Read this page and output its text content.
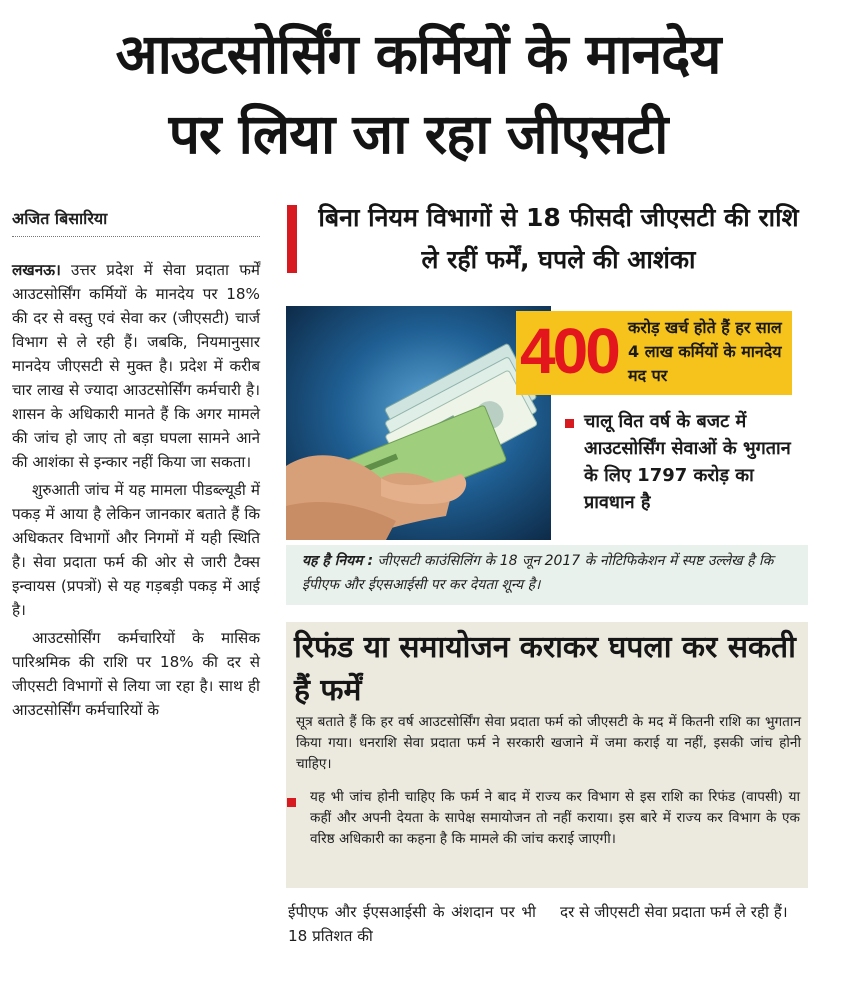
आउटसोर्सिंग कर्मियों के मानदेय
पर लिया जा रहा जीएसटी
अजित बिसारिया

लखनऊ। उत्तर प्रदेश में सेवा प्रदाता फर्में आउटसोर्सिंग कर्मियों के मानदेय पर 18% की दर से वस्तु एवं सेवा कर (जीएसटी) चार्ज विभाग से ले रही हैं। जबकि, नियमानुसार मानदेय जीएसटी से मुक्त है। प्रदेश में करीब चार लाख से ज्यादा आउटसोर्सिंग कर्मचारी है। शासन के अधिकारी मानते हैं कि अगर मामले की जांच हो जाए तो बड़ा घपला सामने आने की आशंका से इन्कार नहीं किया जा सकता।

शुरुआती जांच में यह मामला पीडब्ल्यूडी में पकड़ में आया है लेकिन जानकार बताते हैं कि अधिकतर विभागों और निगमों में यही स्थिति है। सेवा प्रदाता फर्म की ओर से जारी टैक्स इन्वायस (प्रपत्रों) से यह गड़बड़ी पकड़ में आई है।

आउटसोर्सिंग कर्मचारियों के मासिक पारिश्रमिक की राशि पर 18% की दर से जीएसटी विभागों से लिया जा रहा है। साथ ही आउटसोर्सिंग कर्मचारियों के

बिना नियम विभागों से 18 फीसदी जीएसटी की राशि ले रहीं फर्में, घपले की आशंका
400 करोड़ खर्च होते हैं हर साल 4 लाख कर्मियों के मानदेय मद पर
चालू वित वर्ष के बजट में आउटसोर्सिंग सेवाओं के भुगतान के लिए 1797 करोड़ का प्रावधान है
यह है नियम : जीएसटी काउंसिलिंग के 18 जून 2017 के नोटिफिकेशन में स्पष्ट उल्लेख है कि ईपीएफ और ईएसआईसी पर कर देयता शून्य है।
रिफंड या समायोजन कराकर घपला कर सकती हैं फर्में
सूत्र बताते हैं कि हर वर्ष आउटसोर्सिंग सेवा प्रदाता फर्म को जीएसटी के मद में कितनी राशि का भुगतान किया गया। धनराशि सेवा प्रदाता फर्म ने सरकारी खजाने में जमा कराई या नहीं, इसकी जांच होनी चाहिए।
यह भी जांच होनी चाहिए कि फर्म ने बाद में राज्य कर विभाग से इस राशि का रिफंड (वापसी) या कहीं और अपनी देयता के सापेक्ष समायोजन तो नहीं कराया। इस बारे में राज्य कर विभाग के एक वरिष्ठ अधिकारी का कहना है कि मामले की जांच कराई जाएगी।
ईपीएफ और ईएसआईसी के अंशदान पर भी 18 प्रतिशत की
दर से जीएसटी सेवा प्रदाता फर्म ले रही हैं।
